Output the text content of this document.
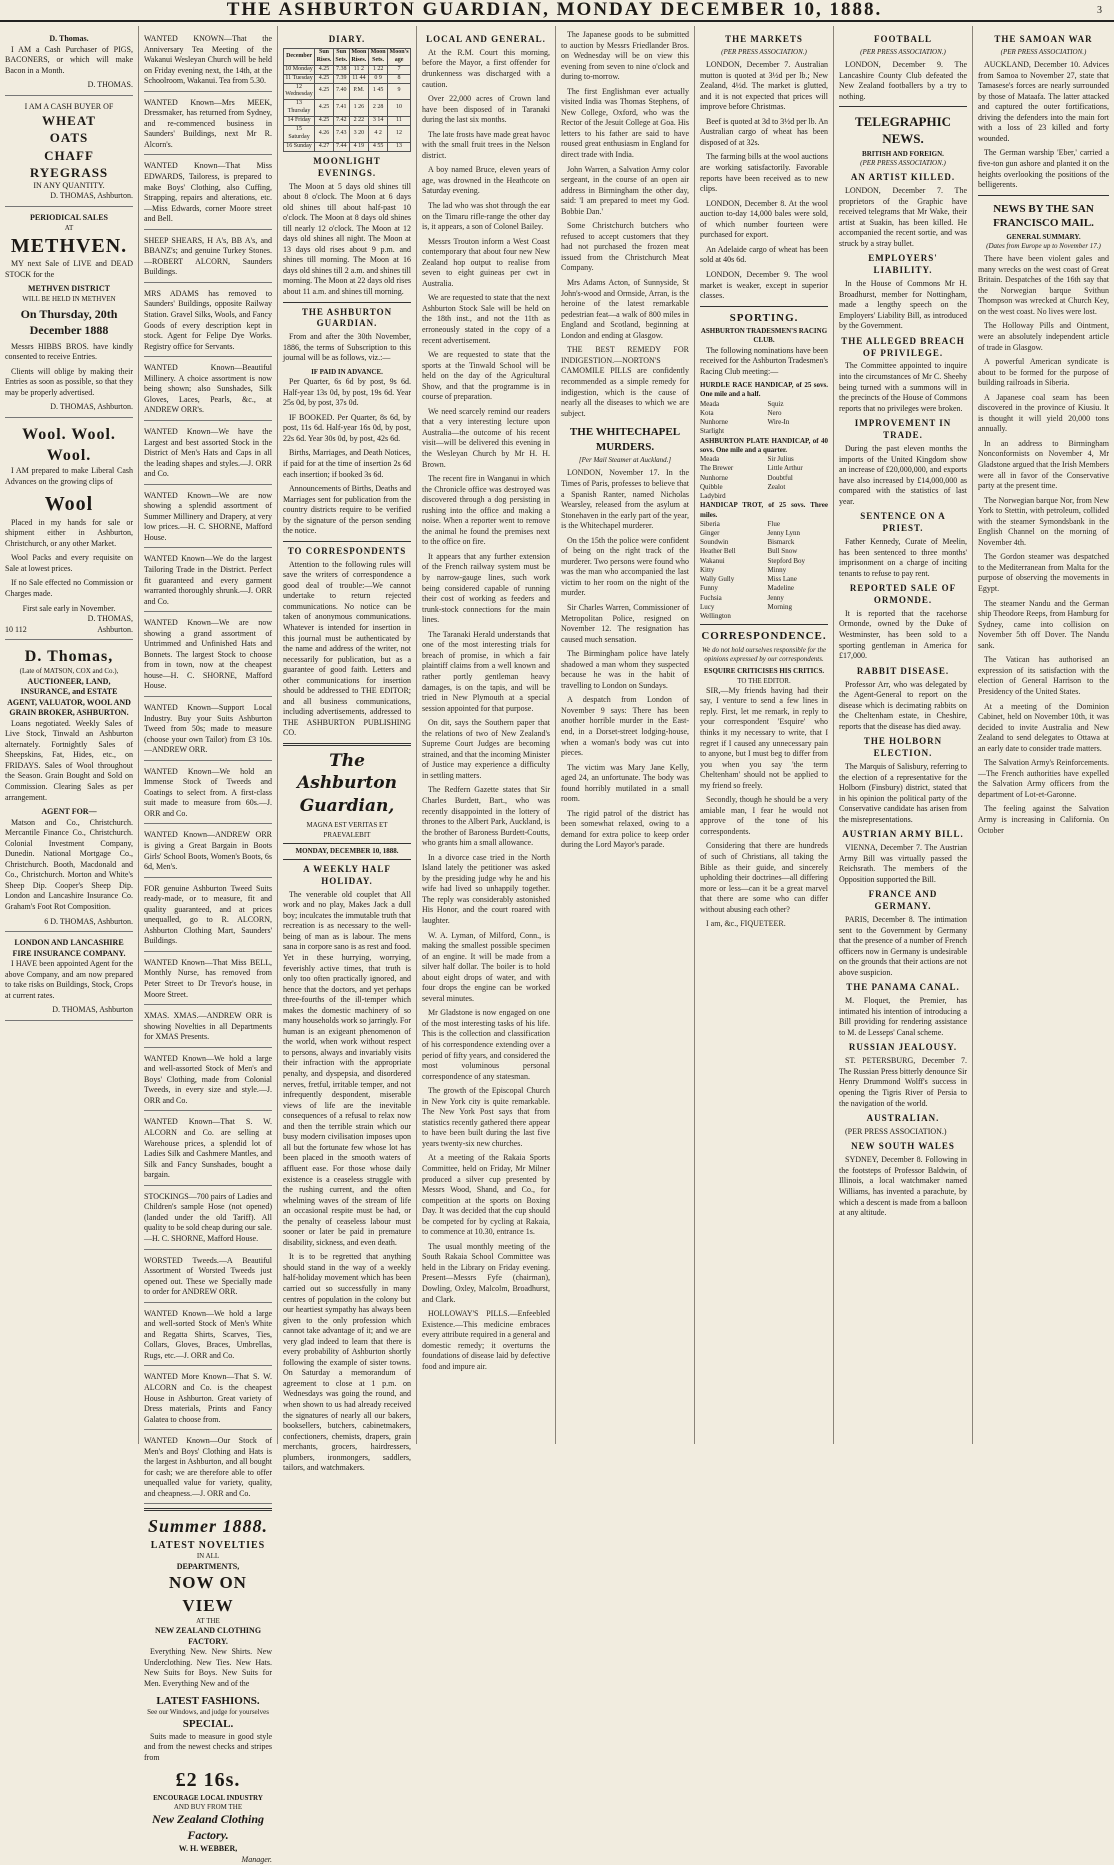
THE ASHBURTON GUARDIAN, MONDAY DECEMBER 10, 1888.	3
D. Thomas.

I AM a Cash Purchaser of PIGS, BACONERS, or which will make Bacon in a Month.

D. THOMAS.
I AM A CASH BUYER OF
WHEAT
OATS
CHAFF
RYEGRASS
IN ANY QUANTITY.
D. THOMAS, Ashburton.
PERIODICAL SALES
AT
METHVEN.

MY next Sale of LIVE and DEAD STOCK for the

METHVEN DISTRICT
WILL BE HELD IN METHVEN
On Thursday, 20th December 1888

Messrs HIBBS BROS. have kindly consented to receive Entries.

Clients will oblige by making their Entries as soon as possible, so that they may be properly advertised.

D. THOMAS, Ashburton.
Wool. Wool. Wool.

I AM prepared to make Liberal Cash Advances on the growing clips of

Wool

Placed in my hands for sale or shipment either in Ashburton, Christchurch, or any other Market.

Wool Packs and every requisite on Sale at lowest prices.

If no Sale effected no Commission or Charges made.

First sale early in November.
D. THOMAS,
10 112	Ashburton.
D. Thomas,
(Late of MATSON, COX and Co.),
AUCTIONEER, LAND, INSURANCE, and ESTATE AGENT, VALUATOR, WOOL AND GRAIN BROKER, ASHBURTON.

Loans negotiated. Weekly Sales of Live Stock, Tinwald an Ashburton alternately. Fortnightly Sales of Sheepskins, Fat, Hides, etc., on FRIDAYS. Sales of Wool throughout the Season. Grain Bought and Sold on Commission. Clearing Sales as per arrangement.

AGENT FOR—

Matson and Co., Christchurch. Mercantile Finance Co., Christchurch. Colonial Investment Company, Dunedin. National Mortgage Co., Christchurch. Booth, Macdonald and Co., Christchurch. Morton and White's Sheep Dip. Cooper's Sheep Dip. London and Lancashire Insurance Co. Graham's Foot Rot Composition.

6 D. THOMAS, Ashburton.
LONDON AND LANCASHIRE FIRE INSURANCE COMPANY.

I HAVE been appointed Agent for the above Company, and am now prepared to take risks on Buildings, Stock, Crops at current rates.

D. THOMAS, Ashburton
WANTED KNOWN—That the Anniversary Tea Meeting of the Wakanui Wesleyan Church will be held on Friday evening next, the 14th, at the Schoolroom, Wakanui. Tea from 5.30.
WANTED Known—Mrs MEEK, Dressmaker, has returned from Sydney, and re-commenced business in Saunders' Buildings, next Mr R. Alcorn's.
WANTED Known—That Miss EDWARDS, Tailoress, is prepared to make Boys' Clothing, also Cuffing, Strapping, repairs and alterations, etc.—Miss Edwards, corner Moore street and Bell.
SHEEP SHEARS, H A's, BB A's, and BBANZ's; and genuine Turkey Stones.—ROBERT ALCORN, Saunders Buildings.
MRS ADAMS has removed to Saunders' Buildings, opposite Railway Station. Gravel Silks, Wools, and Fancy Goods of every description kept in stock. Agent for Felipe Dye Works. Registry office for Servants.
WANTED Known—Beautiful Millinery. A choice assortment is now being shown; also Sunshades, Silk Gloves, Laces, Pearls, &c., at ANDREW ORR's.
WANTED Known—We have the Largest and best assorted Stock in the District of Men's Hats and Caps in all the leading shapes and styles.—J. ORR and Co.
WANTED Known—We are now showing a splendid assortment of Summer Millinery and Drapery, at very low prices.—H. C. SHORNE, Mafford House.
WANTED Known—We do the largest Tailoring Trade in the District. Perfect fit guaranteed and every garment warranted thoroughly shrunk.—J. ORR and Co.
WANTED Known—We are now showing a grand assortment of Untrimmed and Unfinished Hats and Bonnets. The largest Stock to choose from in town, now at the cheapest house—H. C. SHORNE, Mafford House.
WANTED Known—Support Local Industry. Buy your Suits Ashburton Tweed from 50s; made to measure (choose your own Tailor) from £3 10s.—ANDREW ORR.
WANTED Known—We hold an Immense Stock of Tweeds and Coatings to select from. A first-class suit made to measure from 60s.—J. ORR and Co.
WANTED Known—ANDREW ORR is giving a Great Bargain in Boots Girls' School Boots, Women's Boots, 6s 6d, Men's.
FOR genuine Ashburton Tweed Suits ready-made, or to measure, fit and quality guaranteed, and at prices unequalled, go to R. ALCORN, Ashburton Clothing Mart, Saunders' Buildings.
WANTED Known—That Miss BELL, Monthly Nurse, has removed from Peter Street to Dr Trevor's house, in Moore Street.
XMAS. XMAS.—ANDREW ORR is showing Novelties in all Departments for XMAS Presents.
WANTED Known—We hold a large and well-assorted Stock of Men's and Boys' Clothing, made from Colonial Tweeds, in every size and style.—J. ORR and Co.
WANTED Known—That S. W. ALCORN and Co. are selling at Warehouse prices, a splendid lot of Ladies Silk and Cashmere Mantles, and Silk and Fancy Sunshades, bought a bargain.
STOCKINGS—700 pairs of Ladies and Children's sample Hose (not opened) (landed under the old Tariff). All quality to be sold cheap during our sale.—H. C. SHORNE, Mafford House.
WORSTED Tweeds.—A Beautiful Assortment of Worsted Tweeds just opened out. These we Specially made to order for ANDREW ORR.
WANTED Known—We hold a large and well-sorted Stock of Men's White and Regatta Shirts, Scarves, Ties, Collars, Gloves, Braces, Umbrellas, Rugs, etc.—J. ORR and Co.
WANTED More Known—That S. W. ALCORN and Co. is the cheapest House in Ashburton. Great variety of Dress materials, Prints and Fancy Galatea to choose from.
WANTED Known—Our Stock of Men's and Boys' Clothing and Hats is the largest in Ashburton, and all bought for cash; we are therefore able to offer unequalled value for variety, quality, and cheapness.—J. ORR and Co.
Summer 1888.
LATEST NOVELTIES
IN ALL
DEPARTMENTS,
NOW ON VIEW
AT THE
NEW ZEALAND CLOTHING FACTORY.

Everything New. New Shirts. New Underclothing. New Ties. New Hats. New Suits for Boys. New Suits for Men. Everything New and of the

LATEST FASHIONS.
See our Windows, and judge for yourselves
SPECIAL.

Suits made to measure in good style and from the newest checks and stripes from

£2 16s.
ENCOURAGE LOCAL INDUSTRY
AND BUY FROM THE
New Zealand Clothing Factory.
W. H. WEBBER,
Manager.
DIARY.
December	Sun Rises.	Sun Sets.	Moon Rises.	Moon Sets.	Moon's age
10 Monday	4.25	7.38	11 2	1 22	7
11 Tuesday	4.25	7.39	11 44	0 9	8
12 Wednesday	4.25	7.40	P.M.	1 45	9
13 Thursday	4.25	7.41	1 26	2 28	10
14 Friday	4.25	7.42	2 22	3 14	11
15 Saturday	4.26	7.43	3 20	4 2	12
16 Sunday	4.27	7.44	4 19	4 55	13
MOONLIGHT EVENINGS.

The Moon at 5 days old shines till about 8 o'clock. The Moon at 6 days old shines till about half-past 10 o'clock. The Moon at 8 days old shines till nearly 12 o'clock. The Moon at 12 days old shines all night. The Moon at 13 days old rises about 9 p.m. and shines till morning. The Moon at 16 days old shines till 2 a.m. and shines till morning. The Moon at 22 days old rises about 11 a.m. and shines till morning.

THE ASHBURTON GUARDIAN.

From and after the 30th November, 1886, the terms of Subscription to this journal will be as follows, viz.:—

IF PAID IN ADVANCE.

Per Quarter, 6s 6d by post, 9s 6d. Half-year 13s 0d, by post, 19s 6d. Year 25s 0d, by post, 37s 0d.

IF BOOKED. Per Quarter, 8s 6d, by post, 11s 6d. Half-year 16s 0d, by post, 22s 6d. Year 30s 0d, by post, 42s 6d.

Births, Marriages, and Death Notices, if paid for at the time of insertion 2s 6d each insertion; if booked 3s 6d.

Announcements of Births, Deaths and Marriages sent for publication from the country districts require to be verified by the signature of the person sending the notice.

TO CORRESPONDENTS

Attention to the following rules will save the writers of correspondence a good deal of trouble:—We cannot undertake to return rejected communications. No notice can be taken of anonymous communications. Whatever is intended for insertion in this journal must be authenticated by the name and address of the writer, not necessarily for publication, but as a guarantee of good faith. Letters and other communications for insertion should be addressed to THE EDITOR; and all business communications, including advertisements, addressed to THE ASHBURTON PUBLISHING CO.

The Ashburton Guardian,
MAGNA EST VERITAS ET PRAEVALEBIT
MONDAY, DECEMBER 10, 1888.
A WEEKLY HALF HOLIDAY.

The venerable old couplet that All work and no play, Makes Jack a dull boy; inculcates the immutable truth that recreation is as necessary to the well-being of man as is labour. The mens sana in corpore sano is as rest and food. Yet in these hurrying, worrying, feverishly active times, that truth is only too often practically ignored, and hence that the doctors, and yet perhaps three-fourths of the ill-temper which makes the domestic machinery of so many households work so jarringly. For human is an exigeant phenomenon of the world, when work without respect to persons, always and invariably visits their infraction with the appropriate penalty, and dyspepsia, and disordered nerves, fretful, irritable temper, and not infrequently despondent, miserable views of life are the inevitable consequences of a refusal to relax now and then the terrible strain which our busy modern civilisation imposes upon all but the fortunate few whose lot has been placed in the smooth waters of affluent ease. For those whose daily existence is a ceaseless struggle with the rushing current, and the often whelming waves of the stream of life an occasional respite must be had, or the penalty of ceaseless labour must sooner or later be paid in premature disability, sickness, and even death.

It is to be regretted that anything should stand in the way of a weekly half-holiday movement which has been carried out so successfully in many centres of population in the colony but our heartiest sympathy has always been given to the only profession which cannot take advantage of it; and we are very glad indeed to learn that there is every probability of Ashburton shortly following the example of sister towns. On Saturday a memorandum of agreement to close at 1 p.m. on Wednesdays was going the round, and when shown to us had already received the signatures of nearly all our bakers, booksellers, butchers, cabinetmakers, confectioners, chemists, drapers, grain merchants, grocers, hairdressers, plumbers, ironmongers, saddlers, tailors, and watchmakers.

LOCAL AND GENERAL.

At the R.M. Court this morning, before the Mayor, a first offender for drunkenness was discharged with a caution.

Over 22,000 acres of Crown land have been disposed of in Taranaki during the last six months.

The late frosts have made great havoc with the small fruit trees in the Nelson district.

A boy named Bruce, eleven years of age, was drowned in the Heathcote on Saturday evening.

The lad who was shot through the ear on the Timaru rifle-range the other day is, it appears, a son of Colonel Bailey.

Messrs Trouton inform a West Coast contemporary that about four new New Zealand hop output to realise from seven to eight guineas per cwt in Australia.

We are requested to state that the next Ashburton Stock Sale will be held on the 18th inst., and not the 11th as erroneously stated in the copy of a recent advertisement.

We are requested to state that the sports at the Tinwald School will be held on the day of the Agricultural Show, and that the programme is in course of preparation.

We need scarcely remind our readers that a very interesting lecture upon Australia—the outcome of his recent visit—will be delivered this evening in the Wesleyan Church by Mr H. H. Brown.

The recent fire in Wanganui in which the Chronicle office was destroyed was discovered through a dog persisting in rushing into the office and making a noise. When a reporter went to remove the animal he found the premises next to the office on fire.

It appears that any further extension of the French railway system must be by narrow-gauge lines, such work being considered capable of running their cost of working as feeders and trunk-stock connections for the main lines.

The Taranaki Herald understands that one of the most interesting trials for breach of promise, in which a fair plaintiff claims from a well known and rather portly gentleman heavy damages, is on the tapis, and will be tried in New Plymouth at a special session appointed for that purpose.

On dit, says the Southern paper that the relations of two of New Zealand's Supreme Court Judges are becoming strained, and that the incoming Minister of Justice may experience a difficulty in settling matters.

The Redfern Gazette states that Sir Charles Burdett, Bart., who was recently disappointed in the lottery of thrones to the Albert Park, Auckland, is the brother of Baroness Burdett-Coutts, who grants him a small allowance.

In a divorce case tried in the North Island lately the petitioner was asked by the presiding judge why he and his wife had lived so unhappily together. The reply was considerably astonished His Honor, and the court roared with laughter.

W. A. Lyman, of Milford, Conn., is making the smallest possible specimen of an engine. It will be made from a silver half dollar. The boiler is to hold about eight drops of water, and with four drops the engine can be worked several minutes.

Mr Gladstone is now engaged on one of the most interesting tasks of his life. This is the collection and classification of his correspondence extending over a period of fifty years, and considered the most voluminous personal correspondence of any statesman.

The growth of the Episcopal Church in New York city is quite remarkable. The New York Post says that from statistics recently gathered there appear to have been built during the last five years twenty-six new churches.

At a meeting of the Rakaia Sports Committee, held on Friday, Mr Milner produced a silver cup presented by Messrs Wood, Shand, and Co., for competition at the sports on Boxing Day. It was decided that the cup should be competed for by cycling at Rakaia, to commence at 10.30, entrance 1s.

The usual monthly meeting of the South Rakaia School Committee was held in the Library on Friday evening. Present—Messrs Fyfe (chairman), Dowling, Oxley, Malcolm, Broadhurst, and Clark.

HOLLOWAY'S PILLS.—Enfeebled Existence.—This medicine embraces every attribute required in a general and domestic remedy; it overturns the foundations of disease laid by defective food and impure air.

The Japanese goods to be submitted to auction by Messrs Friedlander Bros. on Wednesday will be on view this evening from seven to nine o'clock and during to-morrow.

The first Englishman ever actually visited India was Thomas Stephens, of New College, Oxford, who was the Rector of the Jesuit College at Goa. His letters to his father are said to have roused great enthusiasm in England for direct trade with India.

John Warren, a Salvation Army color sergeant, in the course of an open air address in Birmingham the other day, said: 'I am prepared to meet my God. Bobbie Dan.'

Some Christchurch butchers who refused to accept customers that they had not purchased the frozen meat issued from the Christchurch Meat Company.

Mrs Adams Acton, of Sunnyside, St John's-wood and Ormside, Arran, is the heroine of the latest remarkable pedestrian feat—a walk of 800 miles in England and Scotland, beginning at London and ending at Glasgow.

THE BEST REMEDY FOR INDIGESTION.—NORTON'S CAMOMILE PILLS are confidently recommended as a simple remedy for indigestion, which is the cause of nearly all the diseases to which we are subject.

THE WHITECHAPEL MURDERS.
[Per Mail Steamer at Auckland.]

LONDON, November 17. In the Times of Paris, professes to believe that a Spanish Ranter, named Nicholas Wearsley, released from the asylum at Stonehaven in the early part of the year, is the Whitechapel murderer.

On the 15th the police were confident of being on the right track of the murderer. Two persons were found who was the man who accompanied the last victim to her room on the night of the murder.

Sir Charles Warren, Commissioner of Metropolitan Police, resigned on November 12. The resignation has caused much sensation.

The Birmingham police have lately shadowed a man whom they suspected because he was in the habit of travelling to London on Sundays.

A despatch from London of November 9 says: There has been another horrible murder in the East-end, in a Dorset-street lodging-house, when a woman's body was cut into pieces.

The victim was Mary Jane Kelly, aged 24, an unfortunate. The body was found horribly mutilated in a small room.

The rigid patrol of the district has been somewhat relaxed, owing to a demand for extra police to keep order during the Lord Mayor's parade.

THE MARKETS
(PER PRESS ASSOCIATION.)

LONDON, December 7. Australian mutton is quoted at 3½d per lb.; New Zealand, 4½d. The market is glutted, and it is not expected that prices will improve before Christmas.

Beef is quoted at 3d to 3½d per lb. An Australian cargo of wheat has been disposed of at 32s.

The farming bills at the wool auctions are working satisfactorily. Favorable reports have been received as to new clips.

LONDON, December 8. At the wool auction to-day 14,000 bales were sold, of which number fourteen were purchased for export.

An Adelaide cargo of wheat has been sold at 40s 6d.

LONDON, December 9. The wool market is weaker, except in superior classes.

SPORTING.
ASHBURTON TRADESMEN'S RACING CLUB.

The following nominations have been received for the Ashburton Tradesmen's Racing Club meeting:—

HURDLE RACE HANDICAP, of 25 sovs. One mile and a half.
Meada
Kota
Nunhorne
Starlight
Squiz
Nero
Wire-In
ASHBURTON PLATE HANDICAP, of 40 sovs. One mile and a quarter.
Meada
The Brewer
Nunhorne
Quibble
Ladybird
Sir Julius
Little Arthur
Doubtful
Zealot
HANDICAP TROT, of 25 sovs. Three miles.
Siberia
Ginger
Soundwin
Heather Bell
Wakanui
Kitty
Wally Gully
Funny
Fuchsia
Lucy
Wellington
Flue
Jenny Lynn
Bismarck
Bull Snow
Stepford Boy
Minny
Miss Lane
Madeline
Jenny
Morning
CORRESPONDENCE.
We do not hold ourselves responsible for the opinions expressed by our correspondents.
ESQUIRE CRITICISES HIS CRITICS.
TO THE EDITOR.

SIR,—My friends having had their say, I venture to send a few lines in reply. First, let me remark, in reply to your correspondent 'Esquire' who thinks it my necessary to write, that I regret if I caused any unnecessary pain to anyone, but I must beg to differ from you when you say 'the term Cheltenham' should not be applied to my friend so freely.

Secondly, though he should be a very amiable man, I fear he would not approve of the tone of his correspondents.

Considering that there are hundreds of such of Christians, all taking the Bible as their guide, and sincerely upholding their doctrines—all differing more or less—can it be a great marvel that there are some who can differ without abusing each other?

I am, &c., FIQUETEER.

FOOTBALL
(PER PRESS ASSOCIATION.)

LONDON, December 9. The Lancashire County Club defeated the New Zealand footballers by a try to nothing.

TELEGRAPHIC NEWS.
BRITISH AND FOREIGN.
(PER PRESS ASSOCIATION.)
AN ARTIST KILLED.

LONDON, December 7. The proprietors of the Graphic have received telegrams that Mr Wake, their artist at Suakin, has been killed. He accompanied the recent sortie, and was struck by a stray bullet.

EMPLOYERS' LIABILITY.

In the House of Commons Mr H. Broadhurst, member for Nottingham, made a lengthy speech on the Employers' Liability Bill, as introduced by the Government.

THE ALLEGED BREACH OF PRIVILEGE.

The Committee appointed to inquire into the circumstances of Mr C. Sheehy being turned with a summons will in the precincts of the House of Commons reports that no privileges were broken.

IMPROVEMENT IN TRADE.

During the past eleven months the imports of the United Kingdom show an increase of £20,000,000, and exports have also increased by £14,000,000 as compared with the statistics of last year.

SENTENCE ON A PRIEST.

Father Kennedy, Curate of Meelin, has been sentenced to three months' imprisonment on a charge of inciting tenants to refuse to pay rent.

REPORTED SALE OF ORMONDE.

It is reported that the racehorse Ormonde, owned by the Duke of Westminster, has been sold to a sporting gentleman in America for £17,000.

RABBIT DISEASE.

Professor Arr, who was delegated by the Agent-General to report on the disease which is decimating rabbits on the Cheltenham estate, in Cheshire, reports that the disease has died away.

THE HOLBORN ELECTION.

The Marquis of Salisbury, referring to the election of a representative for the Holborn (Finsbury) district, stated that in his opinion the political party of the Conservative candidate has arisen from the misrepresentations.

AUSTRIAN ARMY BILL.

VIENNA, December 7. The Austrian Army Bill was virtually passed the Reichsrath. The members of the Opposition supported the Bill.

FRANCE AND GERMANY.

PARIS, December 8. The intimation sent to the Government by Germany that the presence of a number of French officers now in Germany is undesirable on the grounds that their actions are not above suspicion.

THE PANAMA CANAL.

M. Floquet, the Premier, has intimated his intention of introducing a Bill providing for rendering assistance to M. de Lesseps' Canal scheme.

RUSSIAN JEALOUSY.

ST. PETERSBURG, December 7. The Russian Press bitterly denounce Sir Henry Drummond Wolff's success in opening the Tigris River of Persia to the navigation of the world.

AUSTRALIAN.

(PER PRESS ASSOCIATION.)

NEW SOUTH WALES

SYDNEY, December 8. Following in the footsteps of Professor Baldwin, of Illinois, a local watchmaker named Williams, has invented a parachute, by which a descent is made from a balloon at any altitude.

THE SAMOAN WAR
(PER PRESS ASSOCIATION.)

AUCKLAND, December 10. Advices from Samoa to November 27, state that Tamasese's forces are nearly surrounded by those of Mataafa. The latter attacked and captured the outer fortifications, driving the defenders into the main fort with a loss of 23 killed and forty wounded.

The German warship 'Eber,' carried a five-ton gun ashore and planted it on the heights overlooking the positions of the belligerents.

NEWS BY THE SAN FRANCISCO MAIL.
GENERAL SUMMARY.
(Dates from Europe up to November 17.)

There have been violent gales and many wrecks on the west coast of Great Britain. Despatches of the 16th say that the Norwegian barque Svithun Thompson was wrecked at Church Key, on the west coast. No lives were lost.

The Holloway Pills and Ointment, were an absolutely independent article of trade in Glasgow.

A powerful American syndicate is about to be formed for the purpose of building railroads in Siberia.

A Japanese coal seam has been discovered in the province of Kiusiu. It is thought it will yield 20,000 tons annually.

In an address to Birmingham Nonconformists on November 4, Mr Gladstone argued that the Irish Members were all in favor of the Conservative party at the present time.

The Norwegian barque Nor, from New York to Stettin, with petroleum, collided with the steamer Symondsbank in the English Channel on the morning of November 4th.

The Gordon steamer was despatched to the Mediterranean from Malta for the purpose of observing the movements in Egypt.

The steamer Nandu and the German ship Theodore Reeps, from Hamburg for Sydney, came into collision on November 5th off Dover. The Nandu sank.

The Vatican has authorised an expression of its satisfaction with the election of General Harrison to the Presidency of the United States.

At a meeting of the Dominion Cabinet, held on November 10th, it was decided to invite Australia and New Zealand to send delegates to Ottawa at an early date to consider trade matters.

The Salvation Army's Reinforcements.—The French authorities have expelled the Salvation Army officers from the department of Lot-et-Garonne.

The feeling against the Salvation Army is increasing in California. On October
